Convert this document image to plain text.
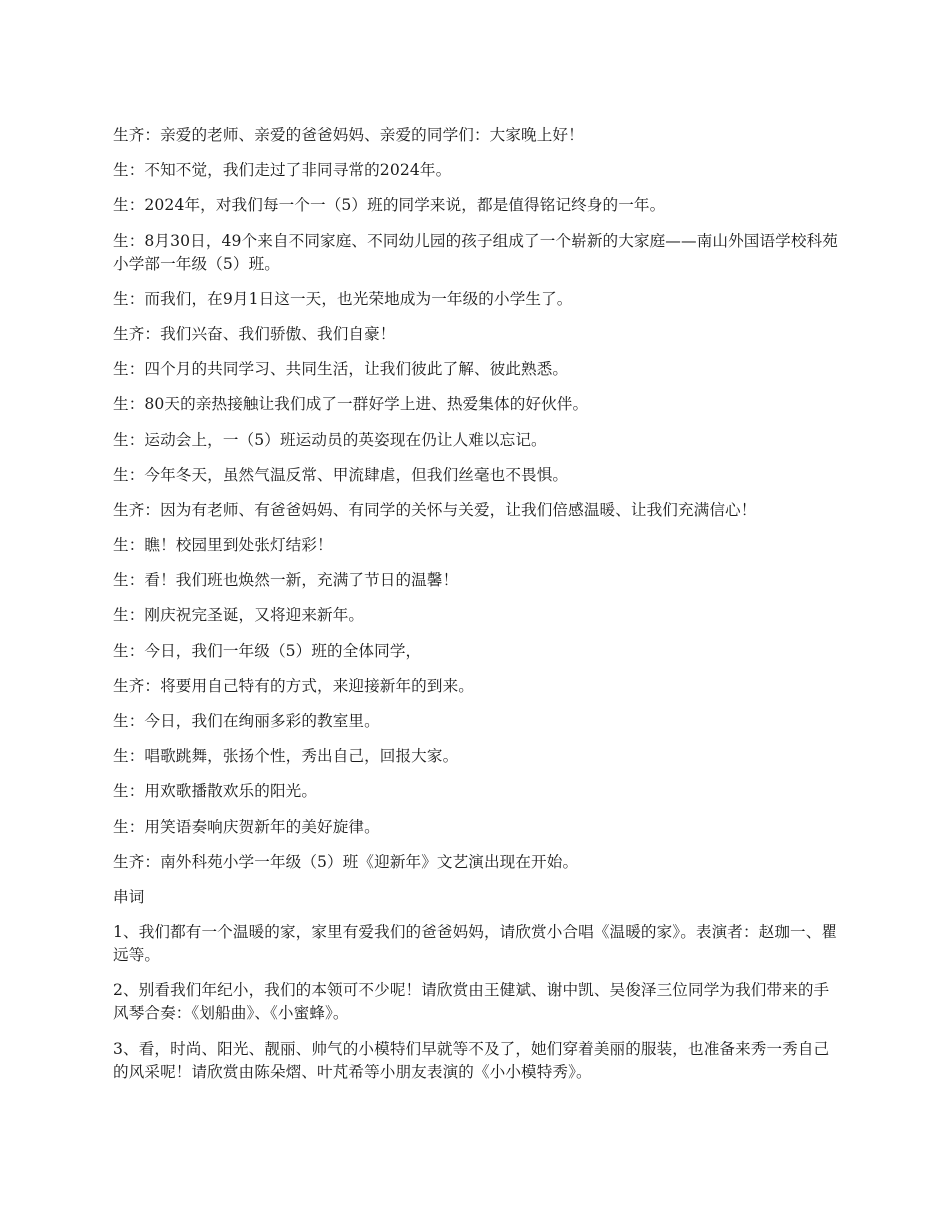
生齐：亲爱的老师、亲爱的爸爸妈妈、亲爱的同学们：大家晚上好！

生：不知不觉，我们走过了非同寻常的2024年。

生：2024年，对我们每一个一（5）班的同学来说，都是值得铭记终身的一年。

生：8月30日，49个来自不同家庭、不同幼儿园的孩子组成了一个崭新的大家庭——南山外国语学校科苑小学部一年级（5）班。

生：而我们，在9月1日这一天，也光荣地成为一年级的小学生了。

生齐：我们兴奋、我们骄傲、我们自豪！

生：四个月的共同学习、共同生活，让我们彼此了解、彼此熟悉。

生：80天的亲热接触让我们成了一群好学上进、热爱集体的好伙伴。

生：运动会上，一（5）班运动员的英姿现在仍让人难以忘记。

生：今年冬天，虽然气温反常、甲流肆虐，但我们丝毫也不畏惧。

生齐：因为有老师、有爸爸妈妈、有同学的关怀与关爱，让我们倍感温暖、让我们充满信心！

生：瞧！校园里到处张灯结彩！

生：看！我们班也焕然一新，充满了节日的温馨！

生：刚庆祝完圣诞，又将迎来新年。

生：今日，我们一年级（5）班的全体同学，

生齐：将要用自己特有的方式，来迎接新年的到来。

生：今日，我们在绚丽多彩的教室里。

生：唱歌跳舞，张扬个性，秀出自己，回报大家。

生：用欢歌播散欢乐的阳光。

生：用笑语奏响庆贺新年的美好旋律。

生齐：南外科苑小学一年级（5）班《迎新年》文艺演出现在开始。

串词

1、我们都有一个温暖的家，家里有爱我们的爸爸妈妈，请欣赏小合唱《温暖的家》。表演者：赵珈一、瞿远等。

2、别看我们年纪小，我们的本领可不少呢！请欣赏由王健斌、谢中凯、吴俊泽三位同学为我们带来的手风琴合奏：《划船曲》、《小蜜蜂》。

3、看，时尚、阳光、靓丽、帅气的小模特们早就等不及了，她们穿着美丽的服装，也准备来秀一秀自己的风采呢！请欣赏由陈朵熠、叶芃希等小朋友表演的《小小模特秀》。
